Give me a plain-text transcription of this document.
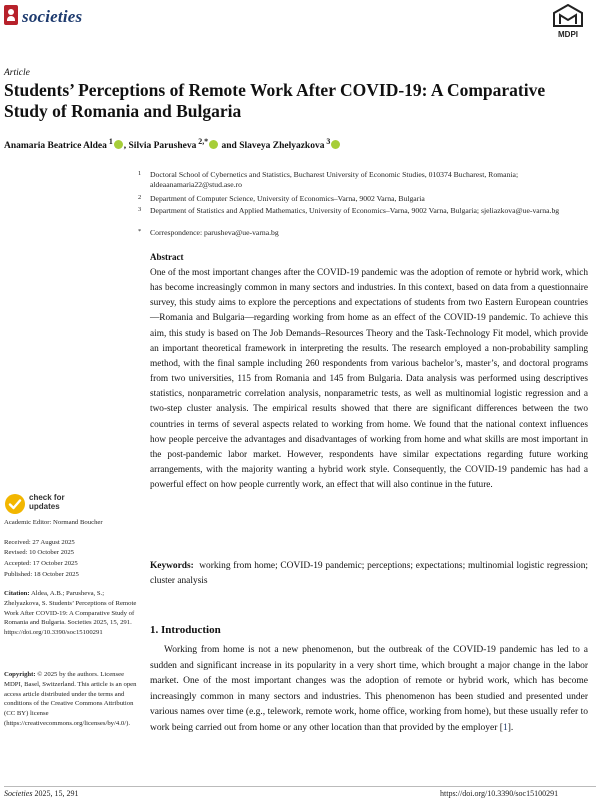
societies
MDPI
Article
Students’ Perceptions of Remote Work After COVID-19: A Comparative Study of Romania and Bulgaria
Anamaria Beatrice Aldea  $^1$ , Silvia Parusheva  $^{2,*}$ and Slaveya Zhelyazkova  $^3$
1 Doctoral School of Cybernetics and Statistics, Bucharest University of Economic Studies, 010374 Bucharest, Romania; aldeaanamaria22@stud.ase.ro
2 Department of Computer Science, University of Economics–Varna, 9002 Varna, Bulgaria
3 Department of Statistics and Applied Mathematics, University of Economics–Varna, 9002 Varna, Bulgaria; sjeliazkova@ue-varna.bg
* Correspondence: parusheva@ue-varna.bg
Abstract
One of the most important changes after the COVID-19 pandemic was the adoption of remote or hybrid work, which has become increasingly common in many sectors and industries. In this context, based on data from a questionnaire survey, this study aims to explore the perceptions and expectations of students from two Eastern European countries—Romania and Bulgaria—regarding working from home as an effect of the COVID-19 pandemic. To achieve this aim, this study is based on The Job Demands–Resources Theory and the Task-Technology Fit model, which provide an important theoretical framework in interpreting the results. The research employed a non-probability sampling method, with the final sample including 260 respondents from various bachelor’s, master’s, and doctoral programs from two universities, 115 from Romania and 145 from Bulgaria. Data analysis was performed using descriptives statistics, nonparametric correlation analysis, nonparametric tests, as well as multinomial logistic regression and a two-step cluster analysis. The empirical results showed that there are significant differences between the two countries in terms of several aspects related to working from home. We found that the national context influences how people perceive the advantages and disadvantages of working from home and what skills are most important in the post-pandemic labor market. However, respondents have similar expectations regarding future working arrangements, with the majority wanting a hybrid work style. Consequently, the COVID-19 pandemic has had a powerful effect on how people currently work, an effect that will also continue in the future.
Keywords: working from home; COVID-19 pandemic; perceptions; expectations; multinomial logistic regression; cluster analysis
1. Introduction
Working from home is not a new phenomenon, but the outbreak of the COVID-19 pandemic has led to a sudden and significant increase in its popularity in a very short time, which brought a major change in the labor market. One of the most important changes was the adoption of remote or hybrid work, which has become increasingly common in many sectors and industries. This phenomenon has been studied and presented under various names over time (e.g., telework, remote work, home office, working from home), but these usually refer to work being carried out from home or any other location than that provided by the employer [1].
check for
updates
Academic Editor: Normand Boucher
Received: 27 August 2025
Revised: 10 October 2025
Accepted: 17 October 2025
Published: 18 October 2025
Citation: Aldea, A.B.; Parusheva, S.; Zhelyazkova, S. Students’ Perceptions of Remote Work After COVID-19: A Comparative Study of Romania and Bulgaria. Societies 2025, 15, 291. https://doi.org/10.3390/soc15100291
Copyright: © 2025 by the authors. Licensee MDPI, Basel, Switzerland. This article is an open access article distributed under the terms and conditions of the Creative Commons Attribution (CC BY) license (https://creativecommons.org/licenses/by/4.0/).
Societies 2025, 15, 291	https://doi.org/10.3390/soc15100291
